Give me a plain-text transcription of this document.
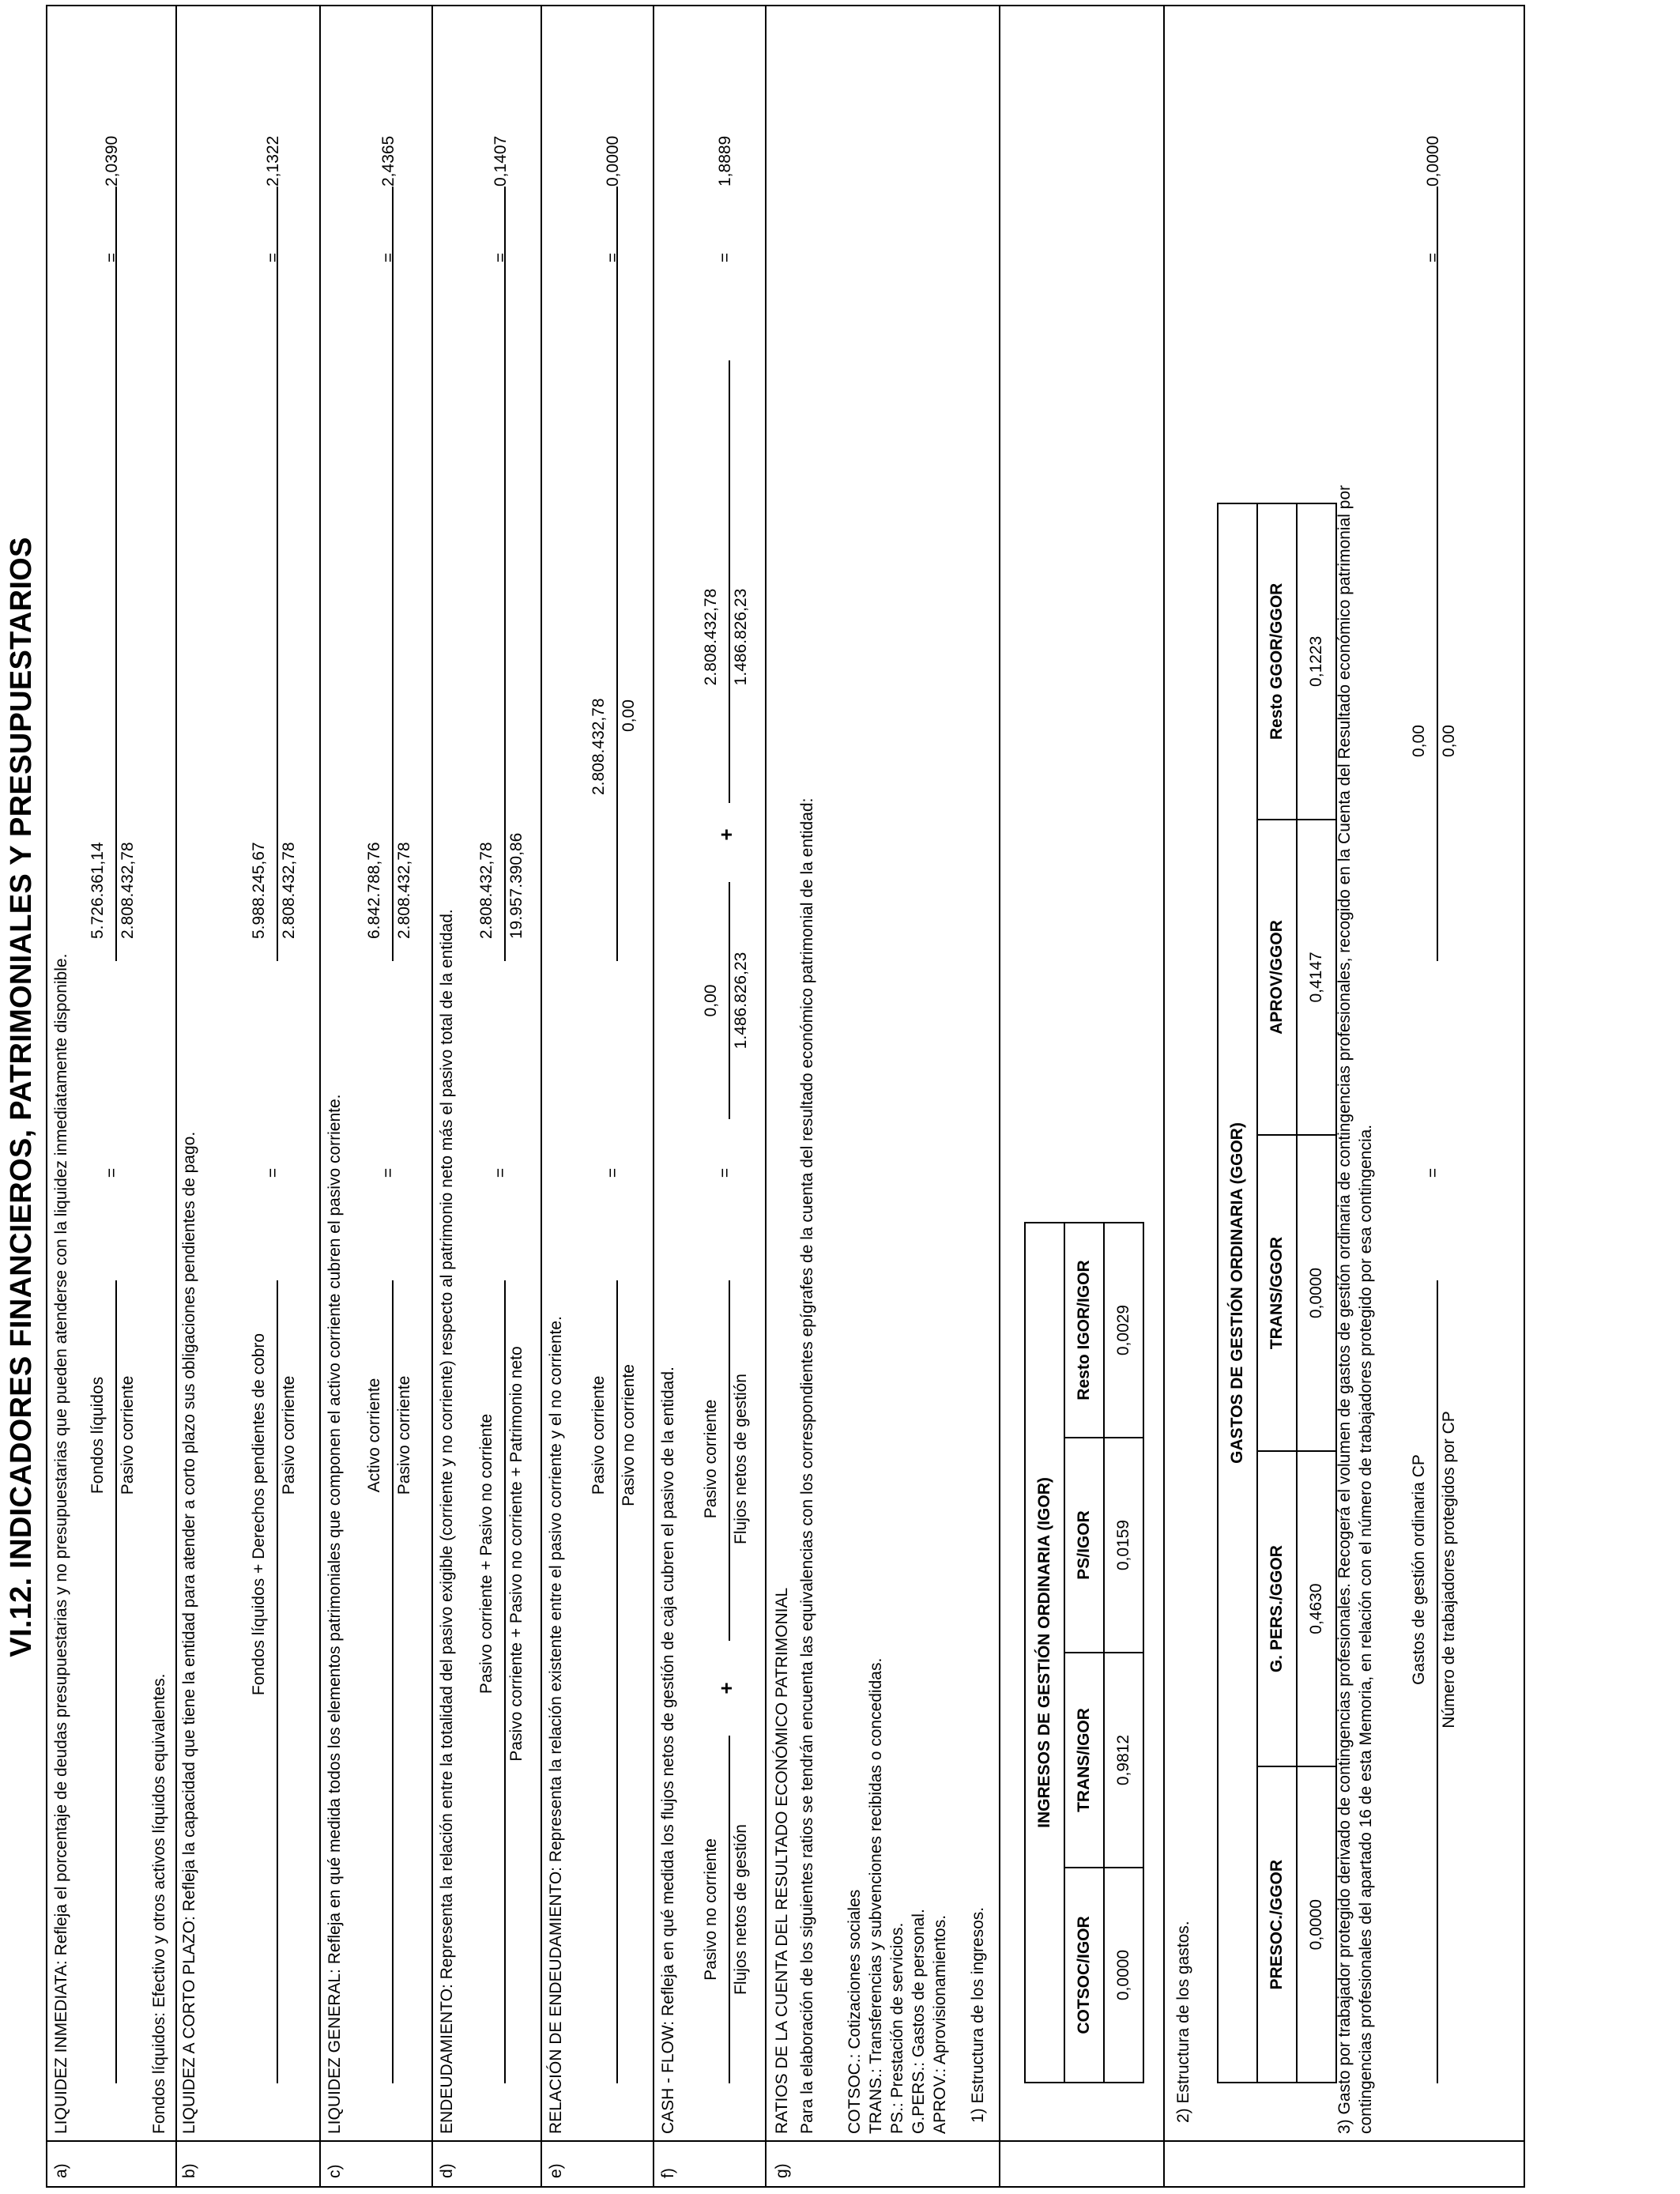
VI.12. INDICADORES FINANCIEROS, PATRIMONIALES Y PRESUPUESTARIOS
a)
LIQUIDEZ INMEDIATA: Refleja el porcentaje de deudas presupuestarias y no presupuestarias que pueden atenderse con la liquidez inmediatamente disponible. Fondos líquidos Pasivo corriente
=
5.726.361,14 2.808.432,78
=
2,0390
Fondos líquidos: Efectivo y otros activos líquidos equivalentes.
b)
LIQUIDEZ A CORTO PLAZO: Refleja la capacidad que tiene la entidad para atender a corto plazo sus obligaciones pendientes de pago.	Fondos líquidos + Derechos pendientes de cobro Pasivo corriente
=
5.988.245,67 2.808.432,78
=
2,1322
c)
LIQUIDEZ GENERAL: Refleja en qué medida todos los elementos patrimoniales que componen el activo corriente cubren el pasivo corriente. Activo corriente Pasivo corriente
=
6.842.788,76 2.808.432,78
=
2,4365
d)
ENDEUDAMIENTO: Representa la relación entre la totalidad del pasivo exigible (corriente y no corriente) respecto al patrimonio neto más el pasivo total de la entidad. Pasivo corriente + Pasivo no corriente Pasivo corriente + Pasivo no corriente + Patrimonio neto
=
2.808.432,78 19.957.390,86
=
0,1407
e)
RELACIÓN DE ENDEUDAMIENTO: Representa la relación existente entre el pasivo corriente y el no corriente. Pasivo corriente Pasivo no corriente
=
2.808.432,78 0,00
=
0,0000
f)
CASH - FLOW: Refleja en qué medida los flujos netos de gestión de caja cubren el pasivo de la entidad. Pasivo no corriente Flujos netos de gestión
+
Pasivo corriente Flujos netos de gestión
=
0,00 1.486.826,23
+
2.808.432,78 1.486.826,23
=
1,8889
g)
RATIOS DE LA CUENTA DEL RESULTADO ECONÓMICO PATRIMONIAL Para la elaboración de los siguientes ratios se tendrán encuenta las equivalencias con los correspondientes epígrafes de la cuenta del resultado económico patrimonial de la entidad: COTSOC.: Cotizaciones sociales TRANS.: Transferencias y subvenciones recibidas o concedidas. PS.: Prestación de servicios. G.PERS.: Gastos de personal. APROV.: Aprovisionamientos. 1) Estructura de los ingresos.
INGRESOS DE GESTIÓN ORDINARIA (IGOR)			
COTSOC/IGOR	TRANS/IGOR	PS/IGOR	Resto IGOR/IGOR
0,0000	0,9812	0,0159	0,0029
2) Estructura de los gastos.
GASTOS DE GESTIÓN ORDINARIA (GGOR)				
PRESOC./GGOR	G. PERS./GGOR	TRANS/GGOR	APROV/GGOR	Resto GGOR/GGOR
0,0000	0,4630	0,0000	0,4147	0,1223 3) Gasto por trabajador protegido derivado de contingencias profesionales. Recogerá el volumen de gastos de gestión ordinaria de contingencias profesionales, recogido en la Cuenta del Resultado económico patrimonial por contingencias profesionales del apartado 16 de esta Memoria, en relación con el número de trabajadores protegido por esa contingencia. Gastos de gestión ordinaria CP Número de trabajadores protegidos por CP
=
0,00 0,00
=
0,0000
